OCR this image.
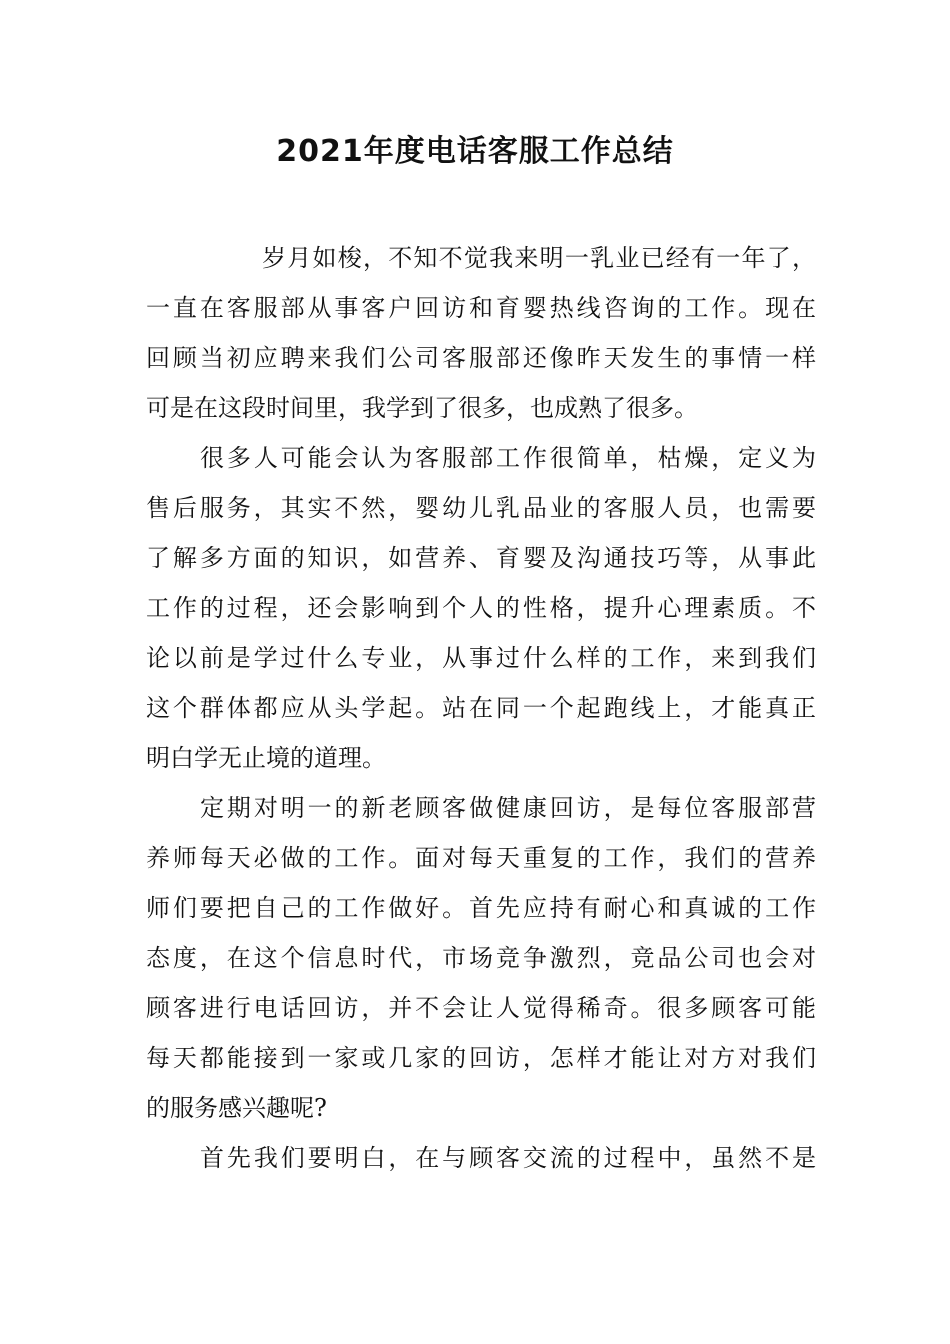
2021年度电话客服工作总结

岁月如梭，不知不觉我来明一乳业已经有一年了，

一直在客服部从事客户回访和育婴热线咨询的工作。现在

回顾当初应聘来我们公司客服部还像昨天发生的事情一样

可是在这段时间里，我学到了很多，也成熟了很多。

很多人可能会认为客服部工作很简单，枯燥，定义为

售后服务，其实不然，婴幼儿乳品业的客服人员，也需要

了解多方面的知识，如营养、育婴及沟通技巧等，从事此

工作的过程，还会影响到个人的性格，提升心理素质。不

论以前是学过什么专业，从事过什么样的工作，来到我们

这个群体都应从头学起。站在同一个起跑线上，才能真正

明白学无止境的道理。

定期对明一的新老顾客做健康回访，是每位客服部营

养师每天必做的工作。面对每天重复的工作，我们的营养

师们要把自己的工作做好。首先应持有耐心和真诚的工作

态度，在这个信息时代，市场竞争激烈，竞品公司也会对

顾客进行电话回访，并不会让人觉得稀奇。很多顾客可能

每天都能接到一家或几家的回访，怎样才能让对方对我们

的服务感兴趣呢?

首先我们要明白，在与顾客交流的过程中，虽然不是
